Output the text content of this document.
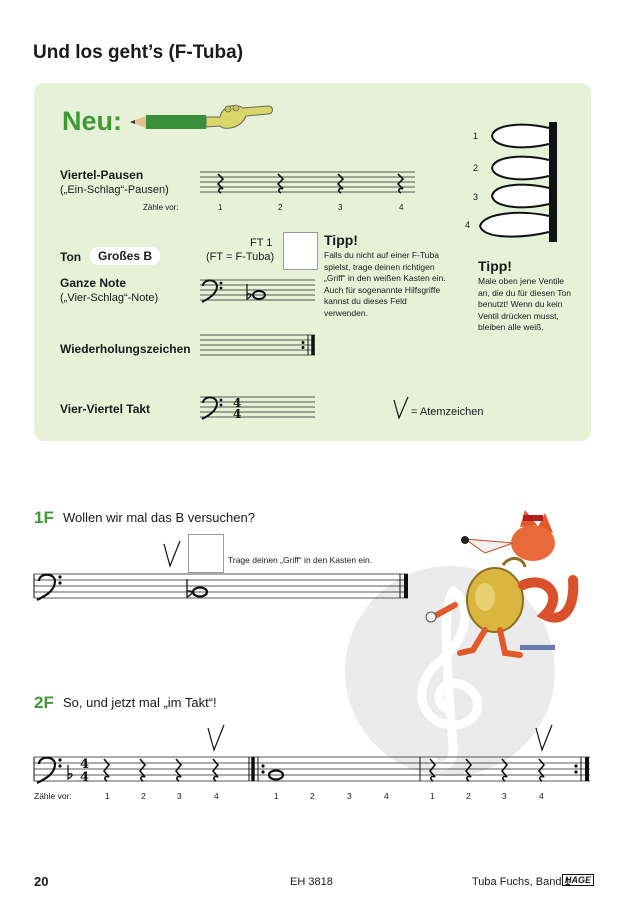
Und los geht’s (F-Tuba)
Neu:
Viertel-Pausen
(„Ein-Schlag“-Pausen)
Zähle vor:	1	2	3	4
Ton	Großes B
FT 1
(FT = F-Tuba)
Ganze Note
(„Vier-Schlag“-Note)
Tipp!
Falls du nicht auf einer F-Tuba spielst, trage deinen richtigen „Griff“ in den weißen Kasten ein. Auch für sogenannte Hilfsgriffe kannst du dieses Feld verwenden.
Wiederholungszeichen
Vier-Viertel Takt	4
4	= Atemzeichen
1
2
3
4
Tipp!
Male oben jene Ventile an, die du für diesen Ton benutzt! Wenn du kein Ventil drücken musst, bleiben alle weiß.
1F Wollen wir mal das B versuchen?
Trage deinen „Griff“ in den Kasten ein.
2F So, und jetzt mal „im Takt“!
4
4
Zähle vor:	1	2	3	4	1	2	3	4	1	2	3	4
20	EH 3818	Tuba Fuchs, Band 1
HAGE
